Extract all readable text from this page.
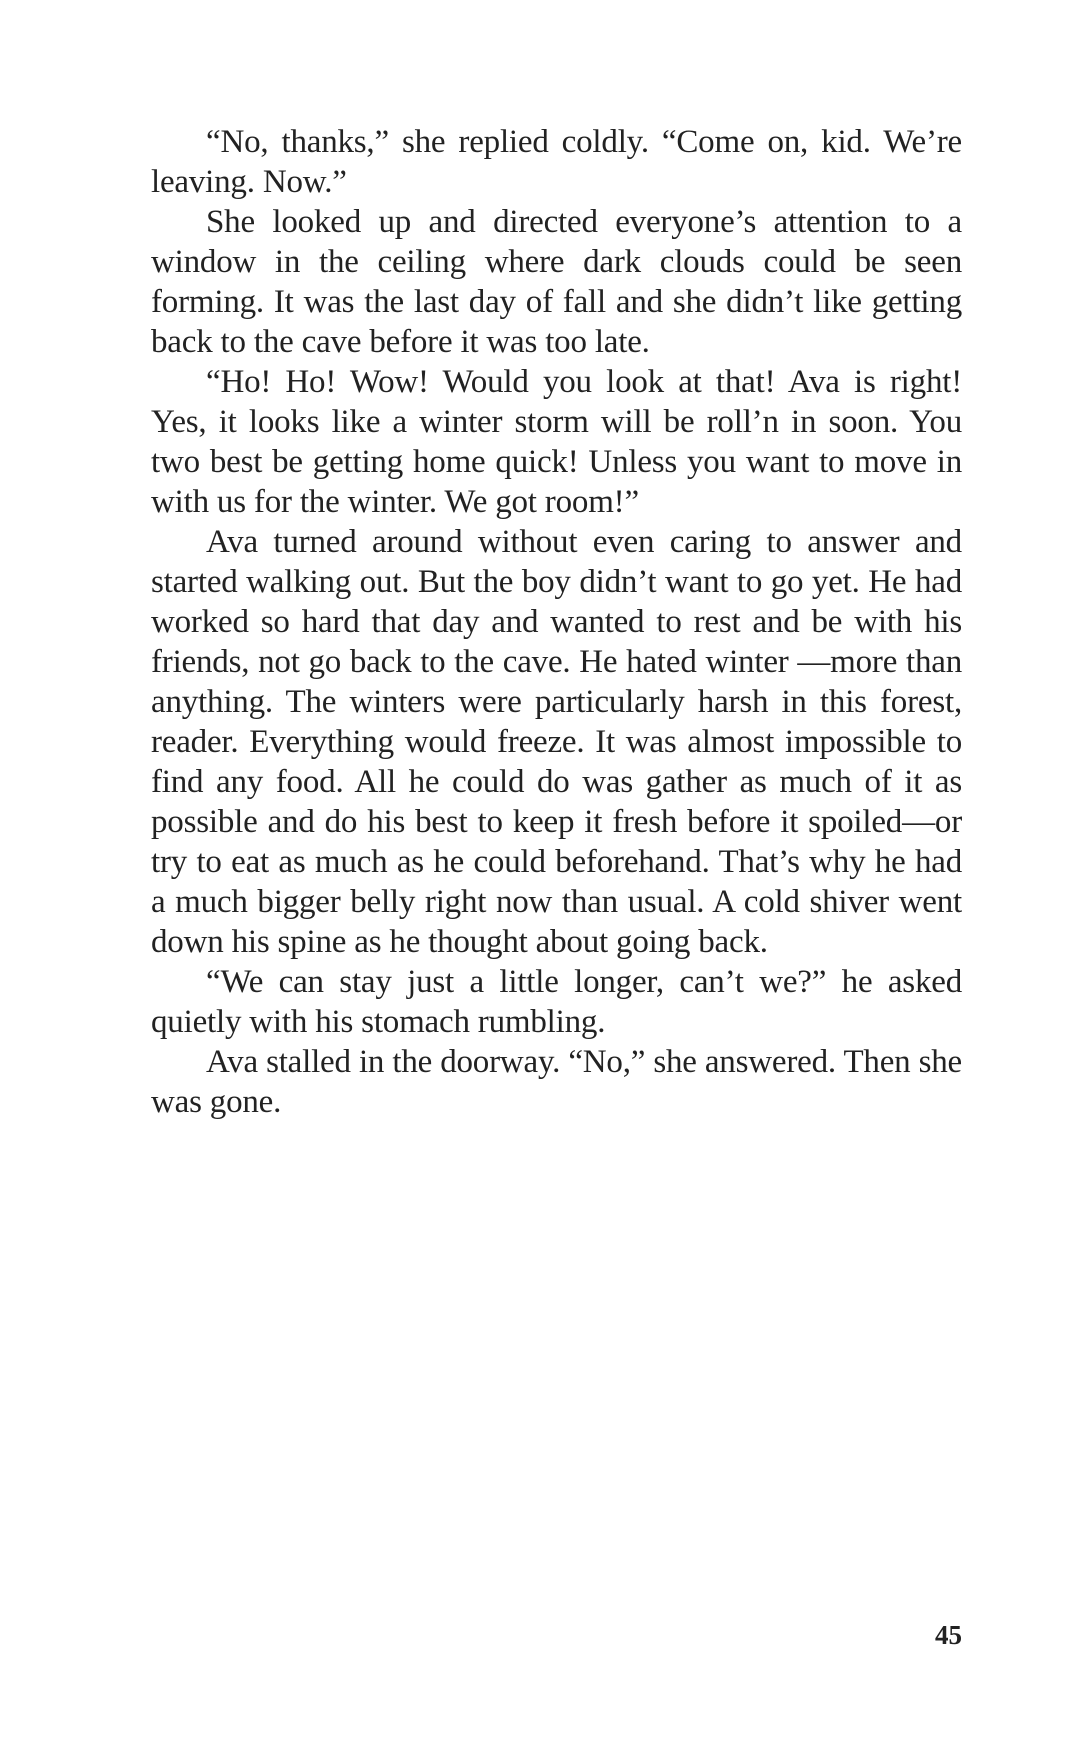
“No, thanks,” she replied coldly. “Come on, kid. We’re leaving. Now.”

She looked up and directed everyone’s attention to a window in the ceiling where dark clouds could be seen forming. It was the last day of fall and she didn’t like getting back to the cave before it was too late.

“Ho! Ho! Wow! Would you look at that! Ava is right! Yes, it looks like a winter storm will be roll’n in soon. You two best be getting home quick! Unless you want to move in with us for the winter. We got room!”

Ava turned around without even caring to answer and started walking out. But the boy didn’t want to go yet. He had worked so hard that day and wanted to rest and be with his friends, not go back to the cave. He hated winter —more than anything. The winters were particularly harsh in this forest, reader. Everything would freeze. It was almost impossible to find any food. All he could do was gather as much of it as possible and do his best to keep it fresh before it spoiled—or try to eat as much as he could beforehand. That’s why he had a much bigger belly right now than usual. A cold shiver went down his spine as he thought about going back.

“We can stay just a little longer, can’t we?” he asked quietly with his stomach rumbling.

Ava stalled in the doorway. “No,” she answered. Then she was gone.

45
